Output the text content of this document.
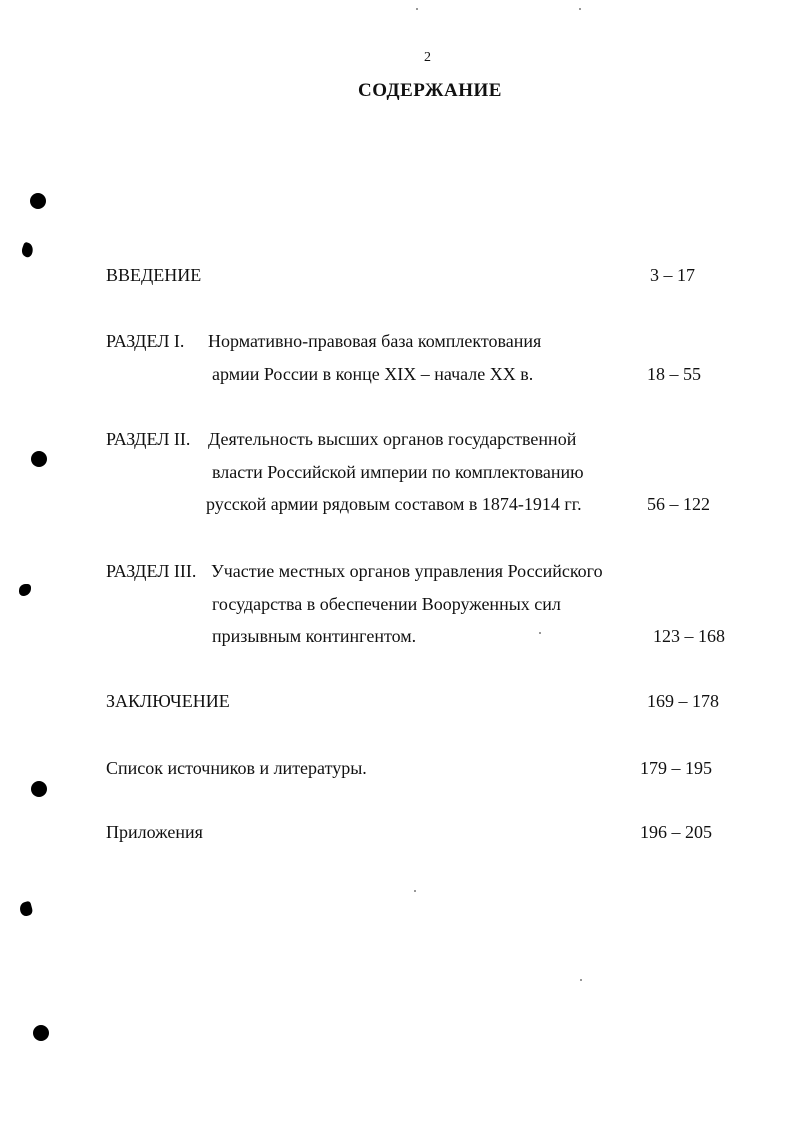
2
СОДЕРЖАНИЕ
ВВЕДЕНИЕ	3 – 17
РАЗДЕЛ I. Нормативно-правовая база комплектования
армии России в конце XIX – начале XX в.	18 – 55
РАЗДЕЛ II. Деятельность высших органов государственной
власти Российской империи по комплектованию
русской армии рядовым составом в 1874-1914 гг.	56 – 122
РАЗДЕЛ III. Участие местных органов управления Российского
государства в обеспечении Вооруженных сил
призывным контингентом.	123 – 168
ЗАКЛЮЧЕНИЕ	169 – 178
Список источников и литературы.	179 – 195
Приложения	196 – 205
